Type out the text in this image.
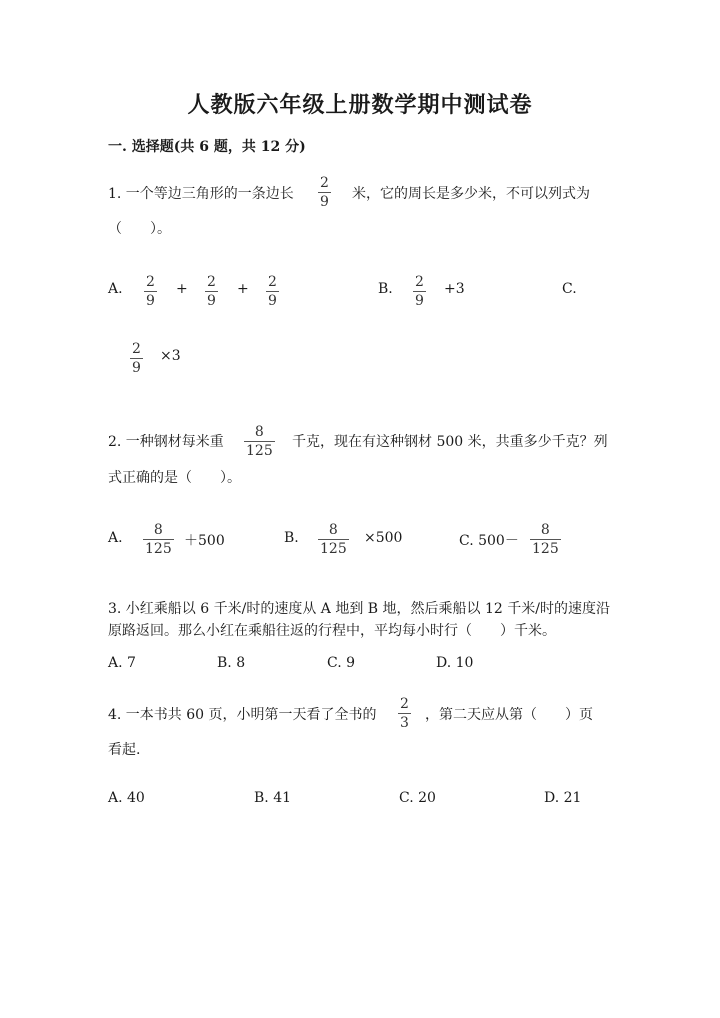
人教版六年级上册数学期中测试卷
一. 选择题(共 6 题，共 12 分)
1. 一个等边三角形的一条边长
2
9 米，它的周长是多少米，不可以列式为
（　　）。
A. 2
9
+ 2
9
+ 2
9
B. 2
9
+3	C.
2
9
×3
2. 一种钢材每米重
8
125
千克，现在有这种钢材 500 米，共重多少千克？列
式正确的是（　　）。
A. 8
125 ＋500	B. 8
125
×500	C. 500－
8
125
3. 小红乘船以 6 千米/时的速度从 A 地到 B 地，然后乘船以 12 千米/时的速度沿
原路返回。那么小红在乘船往返的行程中，平均每小时行（　　）千米。
A. 7	B. 8	C. 9	D. 10
4. 一本书共 60 页，小明第一天看了全书的
2
3 ，第二天应从第（　　）页
看起.
A. 40	B. 41	C. 20	D. 21
